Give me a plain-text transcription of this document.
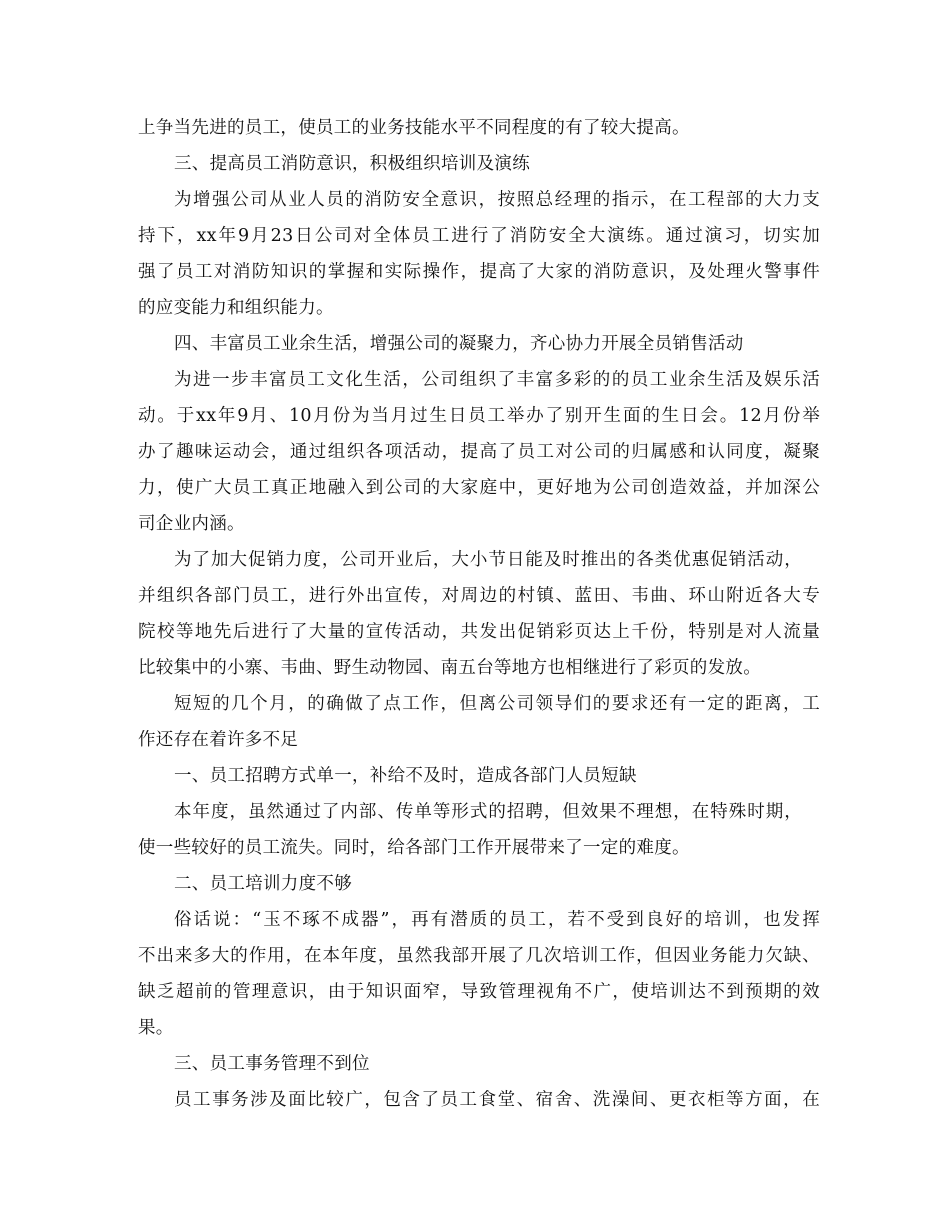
上争当先进的员工，使员工的业务技能水平不同程度的有了较大提高。
三、提高员工消防意识，积极组织培训及演练
为增强公司从业人员的消防安全意识，按照总经理的指示，在工程部的大力支
持下，xx年9月23日公司对全体员工进行了消防安全大演练。通过演习，切实加
强了员工对消防知识的掌握和实际操作，提高了大家的消防意识，及处理火警事件
的应变能力和组织能力。
四、丰富员工业余生活，增强公司的凝聚力，齐心协力开展全员销售活动
为进一步丰富员工文化生活，公司组织了丰富多彩的的员工业余生活及娱乐活
动。于xx年9月、10月份为当月过生日员工举办了别开生面的生日会。12月份举
办了趣味运动会，通过组织各项活动，提高了员工对公司的归属感和认同度，凝聚
力，使广大员工真正地融入到公司的大家庭中，更好地为公司创造效益，并加深公
司企业内涵。
为了加大促销力度，公司开业后，大小节日能及时推出的各类优惠促销活动，
并组织各部门员工，进行外出宣传，对周边的村镇、蓝田、韦曲、环山附近各大专
院校等地先后进行了大量的宣传活动，共发出促销彩页达上千份，特别是对人流量
比较集中的小寨、韦曲、野生动物园、南五台等地方也相继进行了彩页的发放。
短短的几个月，的确做了点工作，但离公司领导们的要求还有一定的距离，工
作还存在着许多不足
一、员工招聘方式单一，补给不及时，造成各部门人员短缺
本年度，虽然通过了内部、传单等形式的招聘，但效果不理想，在特殊时期，
使一些较好的员工流失。同时，给各部门工作开展带来了一定的难度。
二、员工培训力度不够
俗话说：“玉不琢不成器”，再有潜质的员工，若不受到良好的培训，也发挥
不出来多大的作用，在本年度，虽然我部开展了几次培训工作，但因业务能力欠缺、
缺乏超前的管理意识，由于知识面窄，导致管理视角不广，使培训达不到预期的效
果。
三、员工事务管理不到位
员工事务涉及面比较广，包含了员工食堂、宿舍、洗澡间、更衣柜等方面，在
